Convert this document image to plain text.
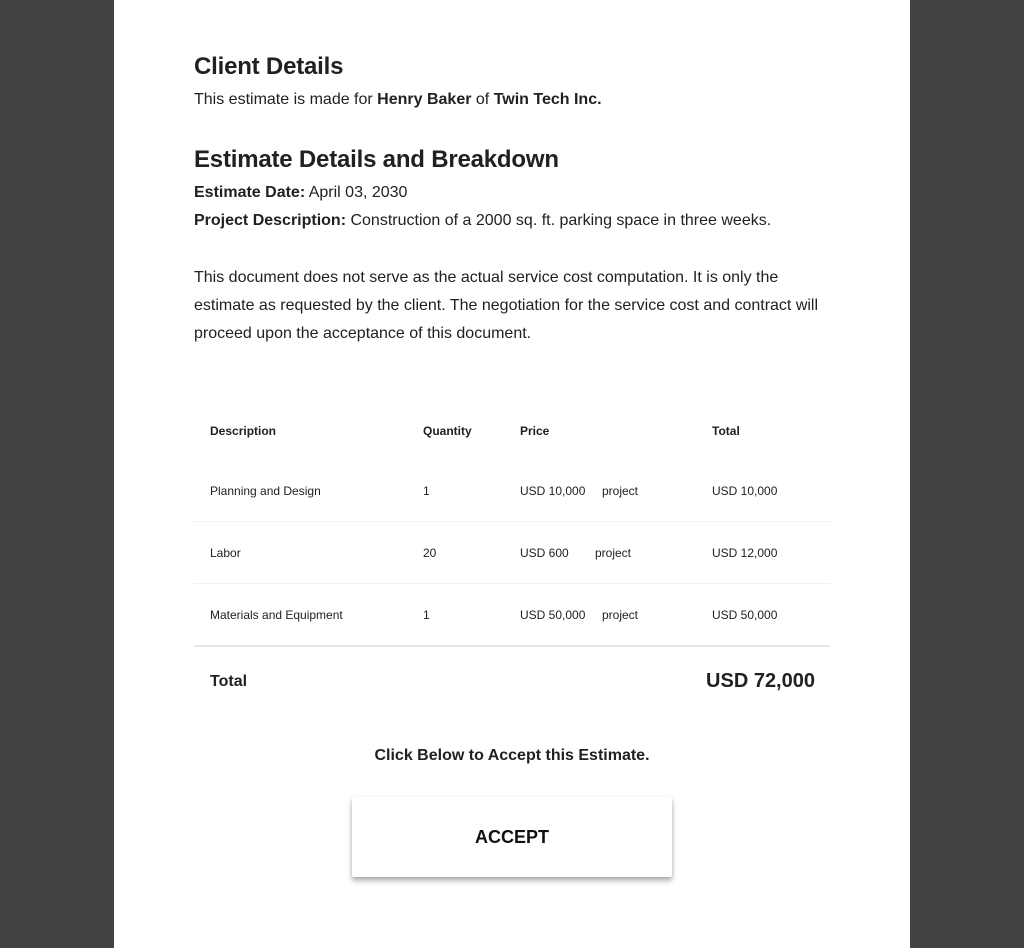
Client Details
This estimate is made for Henry Baker of Twin Tech Inc.
Estimate Details and Breakdown
Estimate Date: April 03, 2030
Project Description: Construction of a 2000 sq. ft. parking space in three weeks.
This document does not serve as the actual service cost computation. It is only the estimate as requested by the client. The negotiation for the service cost and contract will proceed upon the acceptance of this document.
Description	Quantity	Price	Total
Planning and Design	1	USD 10,000 project	USD 10,000
Labor	20	USD 600 project	USD 12,000
Materials and Equipment	1	USD 50,000 project	USD 50,000
Total	USD 72,000
Click Below to Accept this Estimate.
ACCEPT
